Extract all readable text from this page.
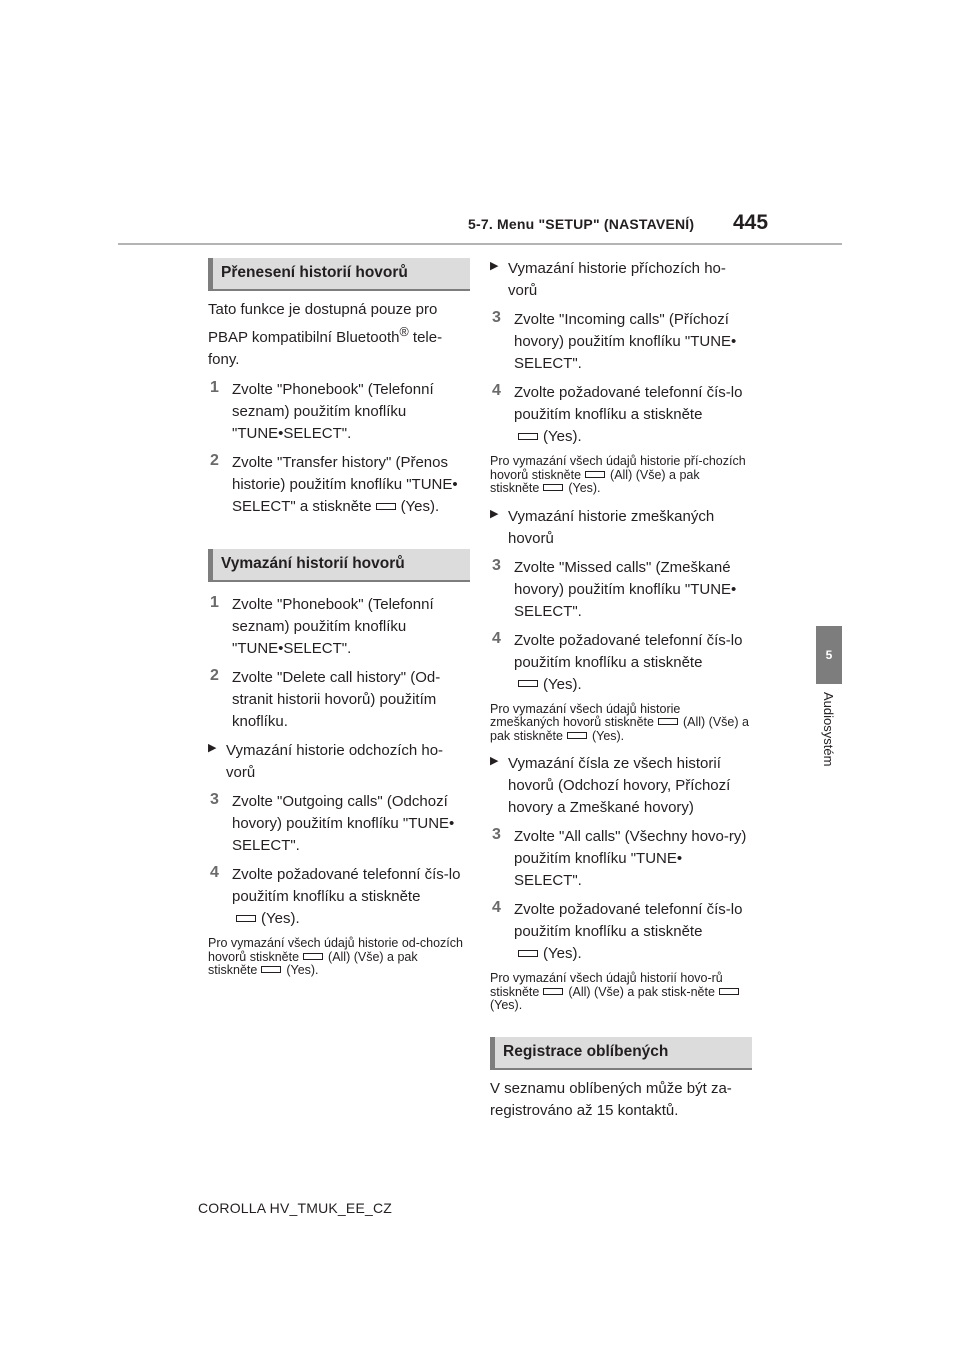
5-7. Menu "SETUP" (NASTAVENÍ) 445
5
Audiosystém
Přenesení historií hovorů

Tato funkce je dostupná pouze pro PBAP kompatibilní Bluetooth® tele-fony.

1 Zvolte "Phonebook" (Telefonní seznam) použitím knoflíku "TUNE•SELECT".

2 Zvolte "Transfer history" (Přenos historie) použitím knoflíku "TUNE• SELECT" a stiskněte (Yes).

Vymazání historií hovorů
1 Zvolte "Phonebook" (Telefonní seznam) použitím knoflíku "TUNE•SELECT".

2 Zvolte "Delete call history" (Od-stranit historii hovorů) použitím knoflíku.

▶ Vymazání historie odchozích ho-vorů

3 Zvolte "Outgoing calls" (Odchozí hovory) použitím knoflíku "TUNE• SELECT".

4 Zvolte požadované telefonní čís-lo použitím knoflíku a stiskněte
(Yes).

Pro vymazání všech údajů historie od-chozích hovorů stiskněte (All) (Vše) a pak stiskněte (Yes).

▶ Vymazání historie příchozích ho-vorů

3 Zvolte "Incoming calls" (Příchozí hovory) použitím knoflíku "TUNE• SELECT".

4 Zvolte požadované telefonní čís-lo použitím knoflíku a stiskněte
(Yes).

Pro vymazání všech údajů historie pří-chozích hovorů stiskněte (All) (Vše) a pak stiskněte (Yes).

▶ Vymazání historie zmeškaných hovorů

3 Zvolte "Missed calls" (Zmeškané hovory) použitím knoflíku "TUNE• SELECT".

4 Zvolte požadované telefonní čís-lo použitím knoflíku a stiskněte
(Yes).

Pro vymazání všech údajů historie zmeškaných hovorů stiskněte (All) (Vše) a pak stiskněte (Yes).

▶ Vymazání čísla ze všech historií hovorů (Odchozí hovory, Příchozí hovory a Zmeškané hovory)

3 Zvolte "All calls" (Všechny hovo-ry) použitím knoflíku "TUNE• SELECT".

4 Zvolte požadované telefonní čís-lo použitím knoflíku a stiskněte
(Yes).

Pro vymazání všech údajů historií hovo-rů stiskněte (All) (Vše) a pak stisk-něte(Yes).

Registrace oblíbených

V seznamu oblíbených může být za-registrováno až 15 kontaktů.

COROLLA HV_TMUK_EE_CZ
